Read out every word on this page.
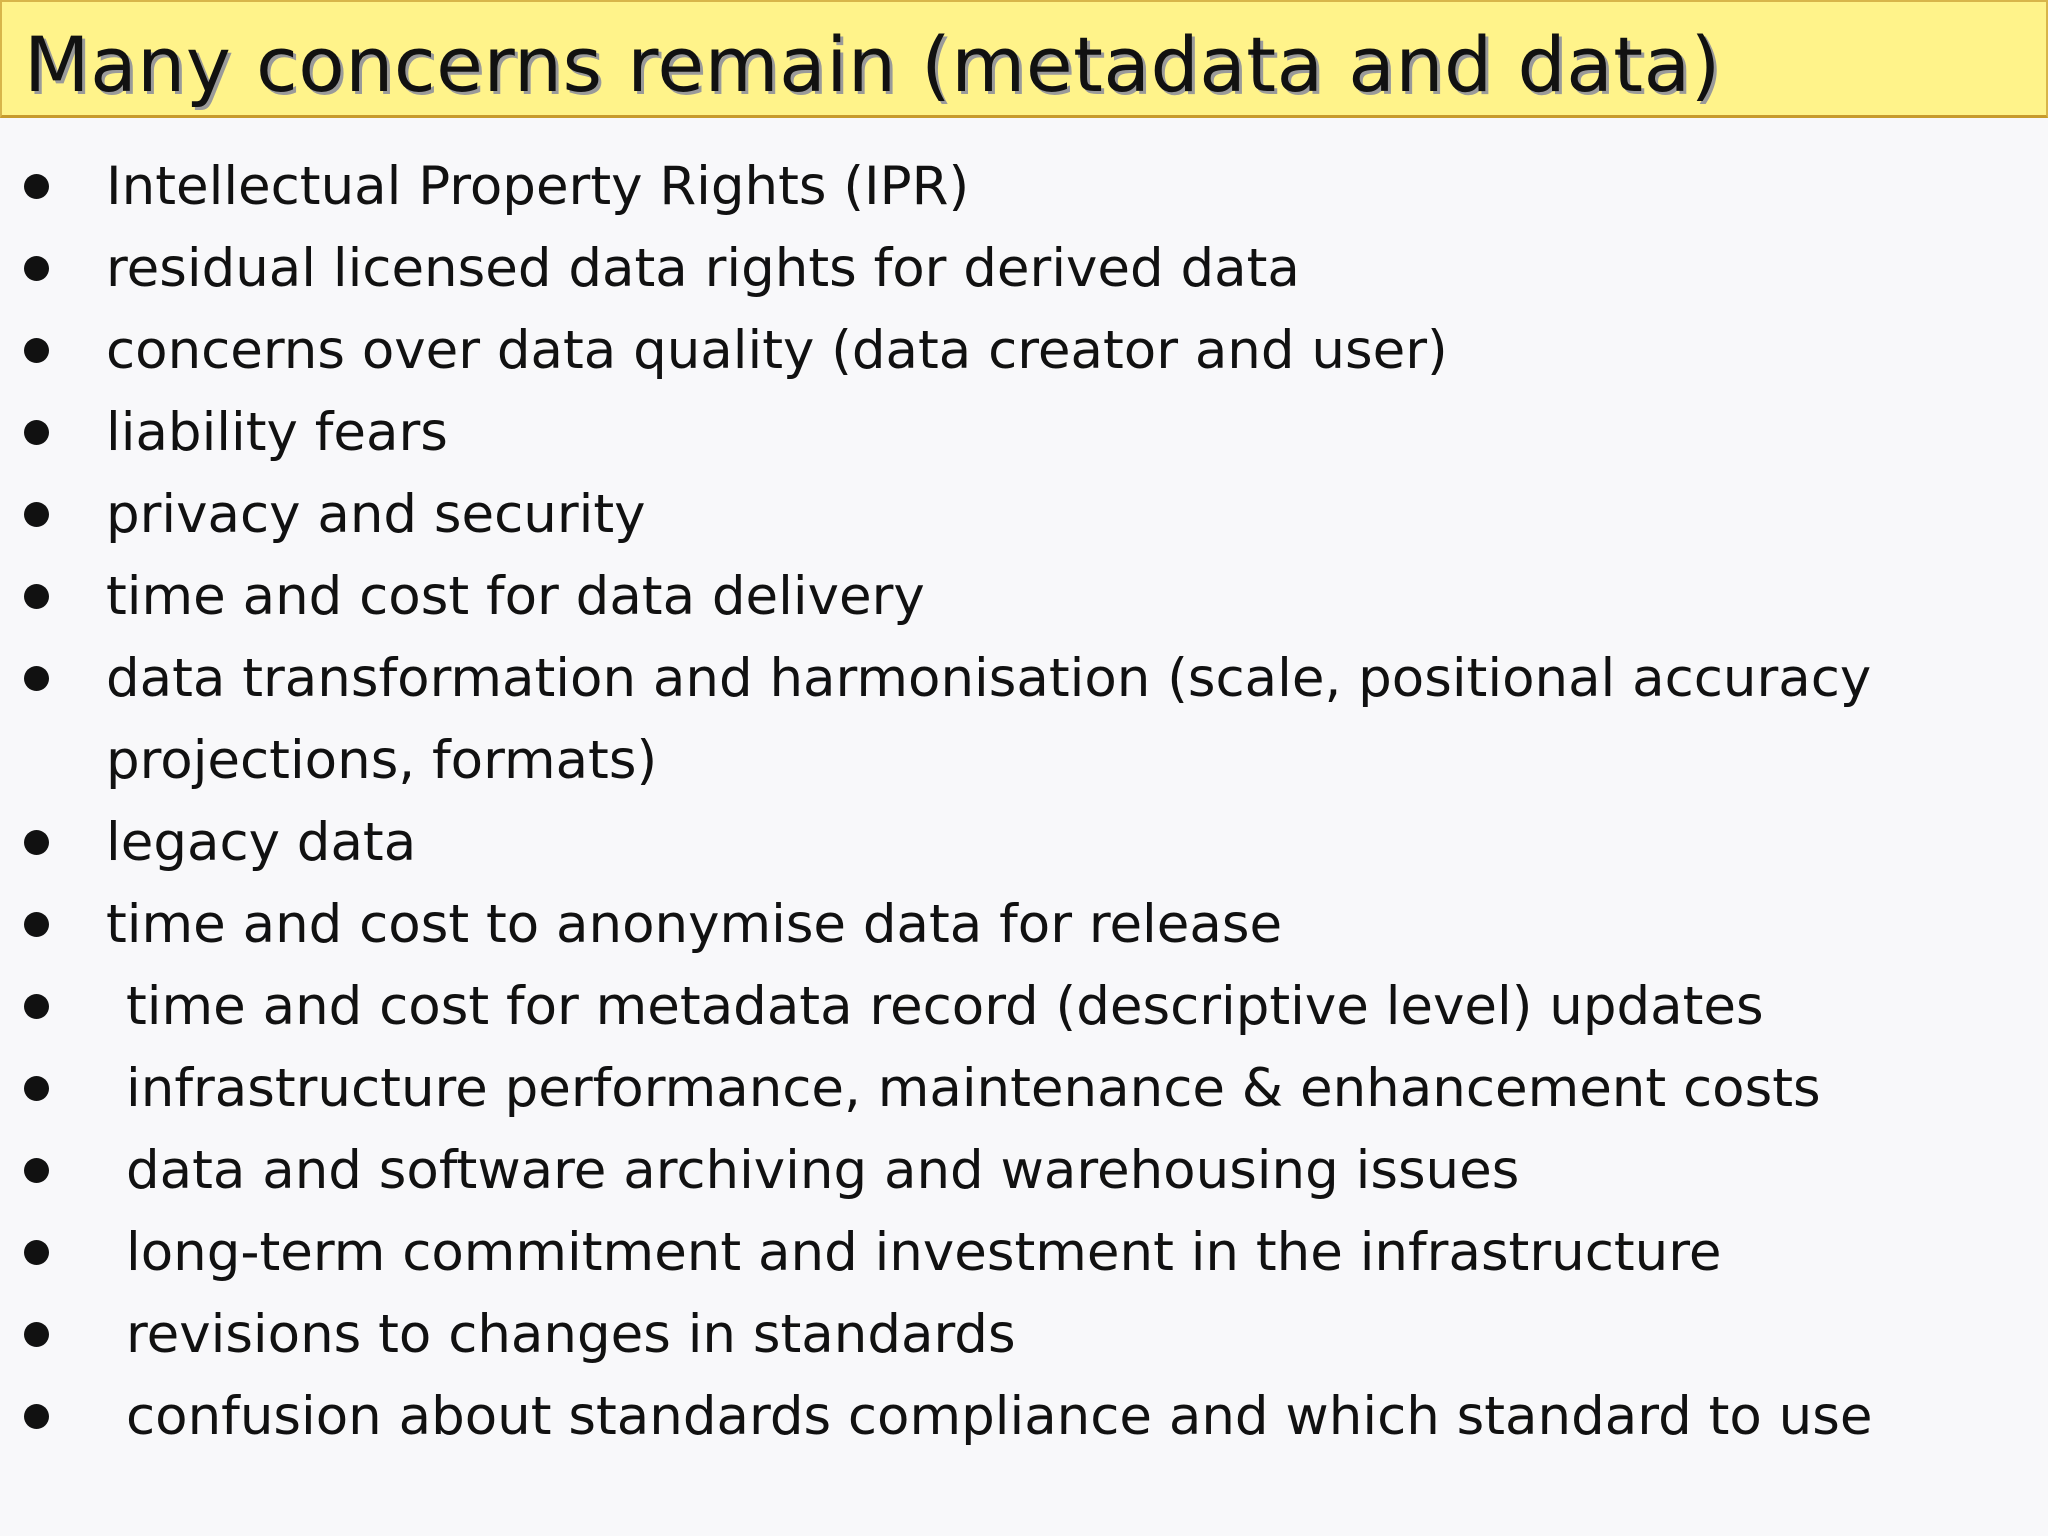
Many concerns remain (metadata and data)
Intellectual Property Rights (IPR)
residual licensed data rights for derived data
concerns over data quality (data creator and user)
liability fears
privacy and security
time and cost for data delivery
data transformation and harmonisation (scale, positional accuracy projections, formats)
legacy data
time and cost to anonymise data for release
time and cost for metadata record (descriptive level) updates
infrastructure performance, maintenance & enhancement costs
data and software archiving and warehousing issues
long-term commitment and investment in the infrastructure
revisions to changes in standards
confusion about standards compliance and which standard to use
